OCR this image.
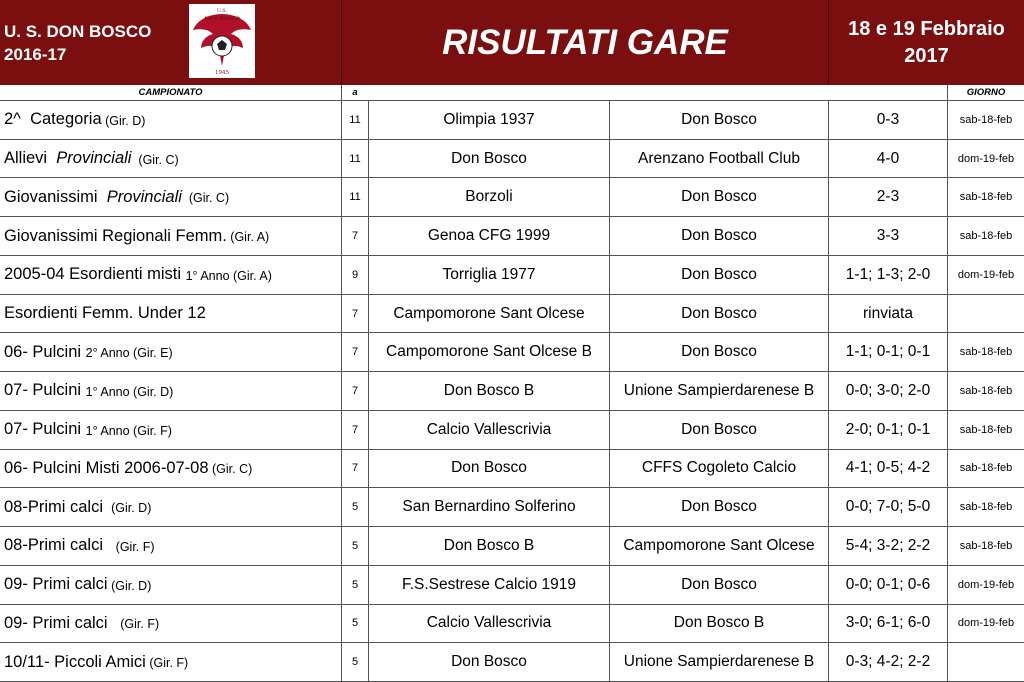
U. S. DON BOSCO
2016-17
U.S.
DON BOSCO
1945
RISULTATI GARE	18 e 19 Febbraio
2017
CAMPIONATO	a	GIORNO
2^  Categoria (Gir. D)	11	Olimpia 1937	Don Bosco	0-3	sab-18-feb
Allievi Provinciali (Gir. C)	11	Don Bosco	Arenzano Football Club	4-0	dom-19-feb
Giovanissimi Provinciali (Gir. C)	11	Borzoli	Don Bosco	2-3	sab-18-feb
Giovanissimi Regionali Femm. (Gir. A)	7	Genoa CFG 1999	Don Bosco	3-3	sab-18-feb
2005-04 Esordienti misti 1° Anno (Gir. A)	9	Torriglia 1977	Don Bosco	1-1; 1-3; 2-0	dom-19-feb
Esordienti Femm. Under 12	7	Campomorone Sant Olcese	Don Bosco	rinviata
06- Pulcini 2° Anno (Gir. E)	7	Campomorone Sant Olcese B	Don Bosco	1-1; 0-1; 0-1	sab-18-feb
07- Pulcini 1° Anno (Gir. D)	7	Don Bosco B	Unione Sampierdarenese B	0-0; 3-0; 2-0	sab-18-feb
07- Pulcini 1° Anno (Gir. F)	7	Calcio Vallescrivia	Don Bosco	2-0; 0-1; 0-1	sab-18-feb
06- Pulcini Misti 2006-07-08 (Gir. C)	7	Don Bosco	CFFS Cogoleto Calcio	4-1; 0-5; 4-2	sab-18-feb
08-Primi calci (Gir. D)	5	San Bernardino Solferino	Don Bosco	0-0; 7-0; 5-0	sab-18-feb
08-Primi calci (Gir. F)	5	Don Bosco B	Campomorone Sant Olcese	5-4; 3-2; 2-2	sab-18-feb
09- Primi calci (Gir. D)	5	F.S.Sestrese Calcio 1919	Don Bosco	0-0; 0-1; 0-6	dom-19-feb
09- Primi calci (Gir. F)	5	Calcio Vallescrivia	Don Bosco B	3-0; 6-1; 6-0	dom-19-feb
10/11- Piccoli Amici (Gir. F)	5	Don Bosco	Unione Sampierdarenese B	0-3; 4-2; 2-2
